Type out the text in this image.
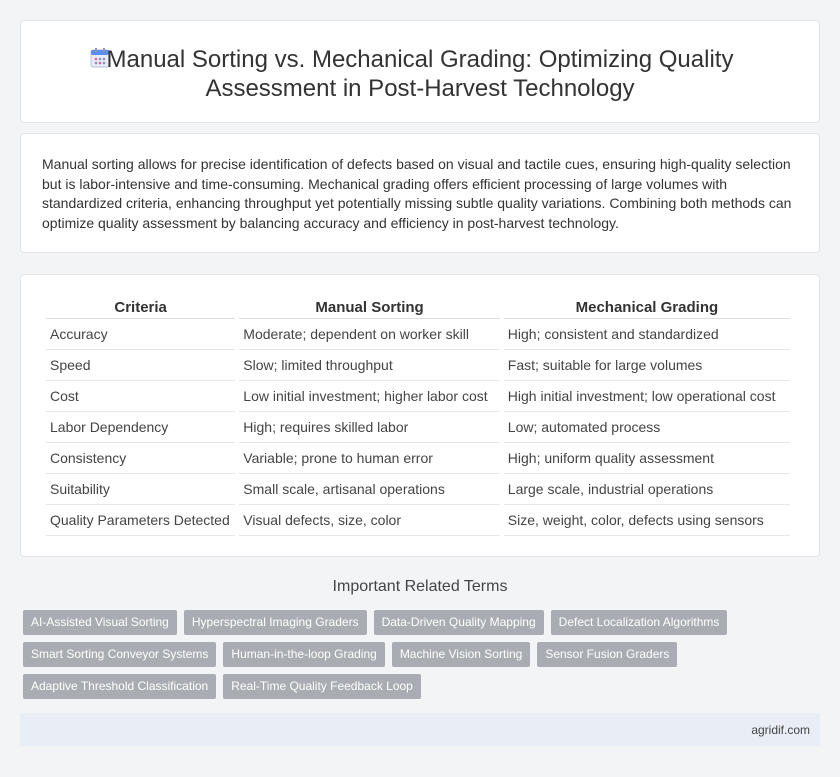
Manual Sorting vs. Mechanical Grading: Optimizing Quality Assessment in Post-Harvest Technology

Manual sorting allows for precise identification of defects based on visual and tactile cues, ensuring high-quality selection but is labor-intensive and time-consuming. Mechanical grading offers efficient processing of large volumes with standardized criteria, enhancing throughput yet potentially missing subtle quality variations. Combining both methods can optimize quality assessment by balancing accuracy and efficiency in post-harvest technology.

Criteria	Manual Sorting	Mechanical Grading
Accuracy	Moderate; dependent on worker skill	High; consistent and standardized
Speed	Slow; limited throughput	Fast; suitable for large volumes
Cost	Low initial investment; higher labor cost	High initial investment; low operational cost
Labor Dependency	High; requires skilled labor	Low; automated process
Consistency	Variable; prone to human error	High; uniform quality assessment
Suitability	Small scale, artisanal operations	Large scale, industrial operations
Quality Parameters Detected	Visual defects, size, color	Size, weight, color, defects using sensors
Important Related Terms
AI-Assisted Visual Sorting	Hyperspectral Imaging Graders	Data-Driven Quality Mapping	Defect Localization Algorithms
Smart Sorting Conveyor Systems	Human-in-the-loop Grading	Machine Vision Sorting	Sensor Fusion Graders
Adaptive Threshold Classification	Real-Time Quality Feedback Loop
agridif.com
